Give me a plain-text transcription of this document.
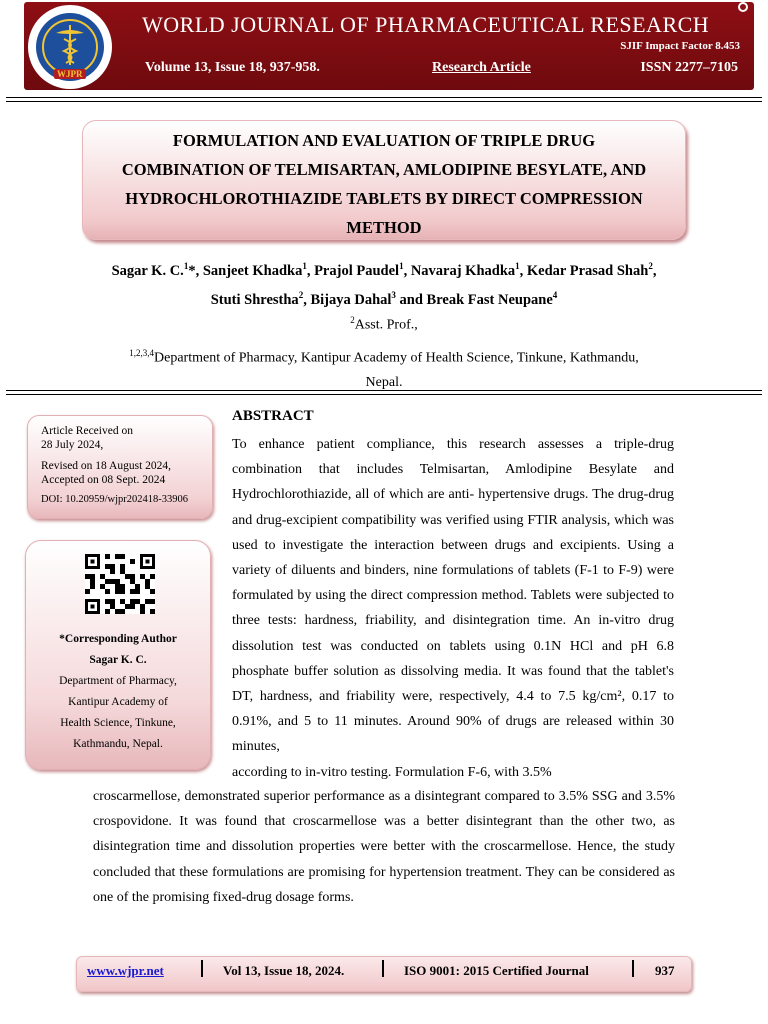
WJPR
WORLD JOURNAL OF PHARMACEUTICAL RESEARCH
SJIF Impact Factor 8.453
Volume 13, Issue 18, 937-958.	Research Article	ISSN 2277–7105
FORMULATION AND EVALUATION OF TRIPLE DRUG
COMBINATION OF TELMISARTAN, AMLODIPINE BESYLATE, AND
HYDROCHLOROTHIAZIDE TABLETS BY DIRECT COMPRESSION
METHOD
Sagar K. C.$^1$*, Sanjeet Khadka$^1$, Prajol Paudel$^1$, Navaraj Khadka$^1$, Kedar Prasad Shah$^2$,
Stuti Shrestha$^2$, Bijaya Dahal$^3$ and Break Fast Neupane$^4$
$^2$Asst. Prof.,
$^{1,2,3,4}$Department of Pharmacy, Kantipur Academy of Health Science, Tinkune, Kathmandu,
Nepal.
Article Received on
28 July 2024,
Revised on 18 August 2024,
Accepted on 08 Sept. 2024
DOI: 10.20959/wjpr202418-33906
*Corresponding Author
Sagar K. C.
Department of Pharmacy,
Kantipur Academy of
Health Science, Tinkune,
Kathmandu, Nepal.
ABSTRACT
To enhance patient compliance, this research assesses a triple-drug combination that includes Telmisartan, Amlodipine Besylate and Hydrochlorothiazide, all of which are anti- hypertensive drugs. The drug-drug and drug-excipient compatibility was verified using FTIR analysis, which was used to investigate the interaction between drugs and excipients. Using a variety of diluents and binders, nine formulations of tablets (F-1 to F-9) were formulated by using the direct compression method. Tablets were subjected to three tests: hardness, friability, and disintegration time. An in-vitro drug dissolution test was conducted on tablets using 0.1N HCl and pH 6.8 phosphate buffer solution as dissolving media. It was found that the tablet's DT, hardness, and friability were, respectively, 4.4 to 7.5 kg/cm², 0.17 to 0.91%, and 5 to 11 minutes. Around 90% of drugs are released within 30 minutes,
according to in-vitro testing. Formulation F-6, with 3.5%
croscarmellose, demonstrated superior performance as a disintegrant compared to 3.5% SSG and 3.5% crospovidone. It was found that croscarmellose was a better disintegrant than the other two, as disintegration time and dissolution properties were better with the croscarmellose. Hence, the study concluded that these formulations are promising for hypertension treatment. They can be considered as one of the promising fixed-drug dosage forms.
www.wjpr.net	Vol 13, Issue 18, 2024.	ISO 9001: 2015 Certified Journal	937
